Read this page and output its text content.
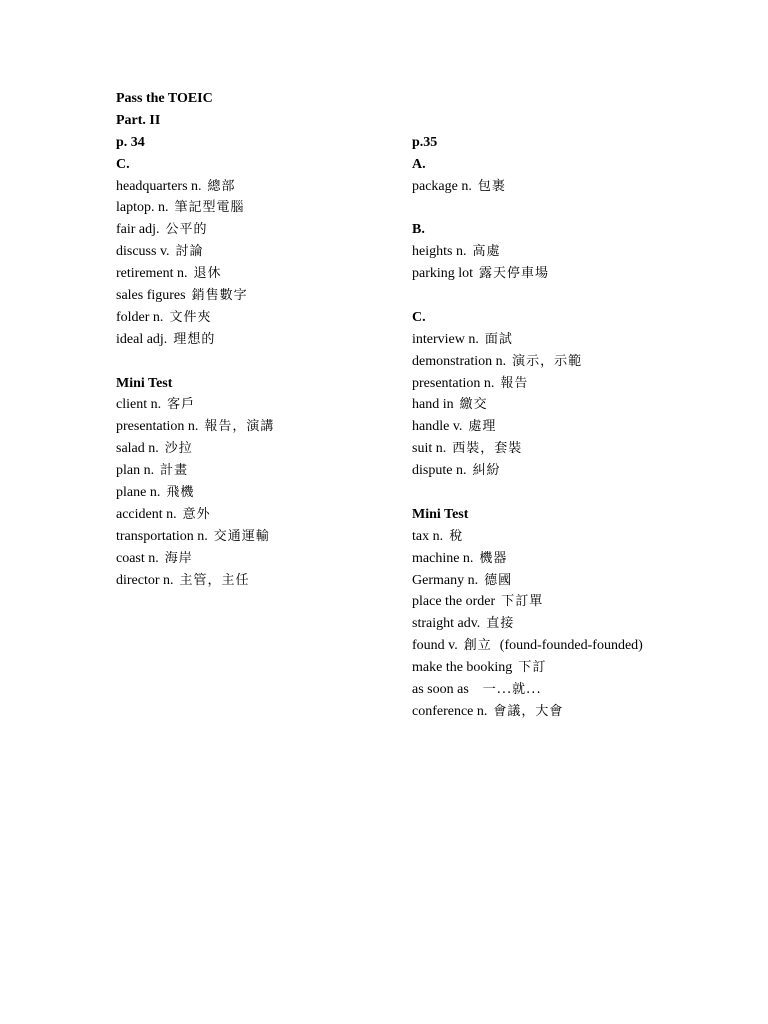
Pass the TOEIC
Part. II
p. 34
C.
headquarters n. 總部
laptop. n. 筆記型電腦
fair adj. 公平的
discuss v. 討論
retirement n. 退休
sales figures 銷售數字
folder n. 文件夾
ideal adj. 理想的
Mini Test
client n. 客戶
presentation n. 報告，演講
salad n. 沙拉
plan n. 計畫
plane n. 飛機
accident n. 意外
transportation n. 交通運輸
coast n. 海岸
director n. 主管，主任
p.35
A.
package n. 包裹
B.
heights n. 高處
parking lot 露天停車場
C.
interview n. 面試
demonstration n. 演示，示範
presentation n. 報告
hand in 繳交
handle v. 處理
suit n. 西裝，套裝
dispute n. 糾紛
Mini Test
tax n. 稅
machine n. 機器
Germany n. 德國
place the order 下訂單
straight adv. 直接
found v. 創立 (found-founded-founded)
make the booking 下訂
as soon as 一...就...
conference n. 會議，大會
